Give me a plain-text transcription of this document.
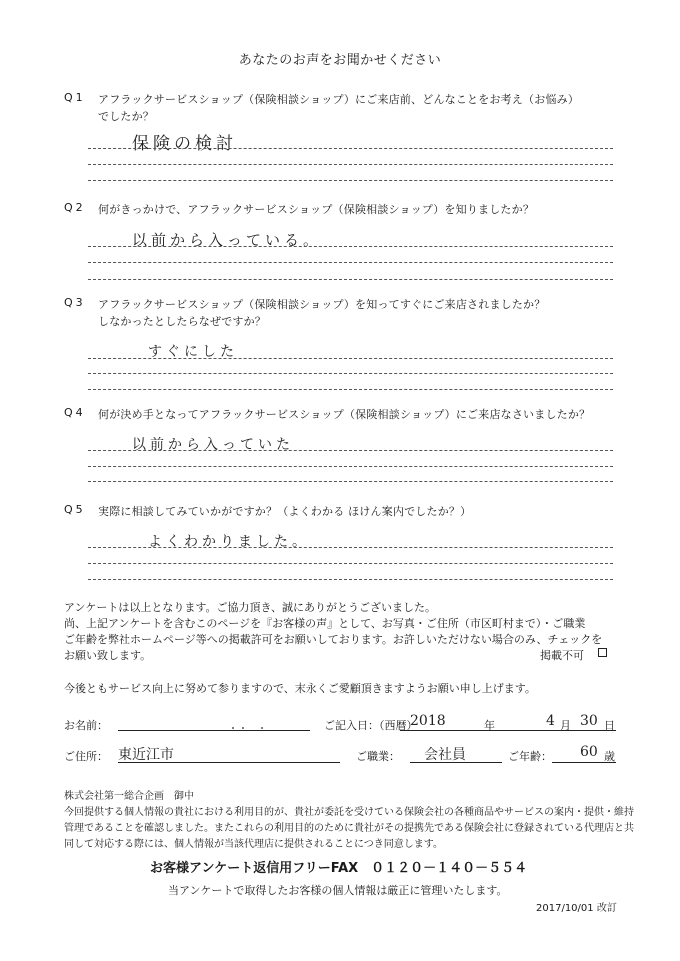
あなたのお声をお聞かせください
Q1 アフラックサービスショップ（保険相談ショップ）にご来店前、どんなことをお考え（お悩み）
でしたか？
保険の検討
Q2 何がきっかけで、アフラックサービスショップ（保険相談ショップ）を知りましたか？
以前から入っている。
Q3 アフラックサービスショップ（保険相談ショップ）を知ってすぐにご来店されましたか？
しなかったとしたらなぜですか？
すぐにした
Q4 何が決め手となってアフラックサービスショップ（保険相談ショップ）にご来店なさいましたか？
以前から入っていた
Q5 実際に相談してみていかがですか？（よくわかる ほけん案内でしたか？）
よくわかりました。
アンケートは以上となります。ご協力頂き、誠にありがとうございました。
尚、上記アンケートを含むこのページを『お客様の声』として、お写真・ご住所（市区町村まで）・ご職業
ご年齢を弊社ホームページ等への掲載許可をお願いしております。お許しいただけない場合のみ、チェックを
お願い致します。	掲載不可
今後ともサービス向上に努めて参りますので、末永くご愛顧頂きますようお願い申し上げます。
お名前：	ご記入日：（西暦）
2018	年	4 月 30 日
ご住所： 東近江市	ご職業： 会社員	ご年齢： 60 歳
株式会社第一総合企画　御中
今回提供する個人情報の貴社における利用目的が、貴社が委託を受けている保険会社の各種商品やサービスの案内・提供・維持
管理であることを確認しました。またこれらの利用目的のために貴社がその提携先である保険会社に登録されている代理店と共
同して対応する際には、個人情報が当該代理店に提供されることにつき同意します。
お客様アンケート返信用フリーFAX　０１２０－１４０－５５４
当アンケートで取得したお客様の個人情報は厳正に管理いたします。
2017/10/01 改訂
